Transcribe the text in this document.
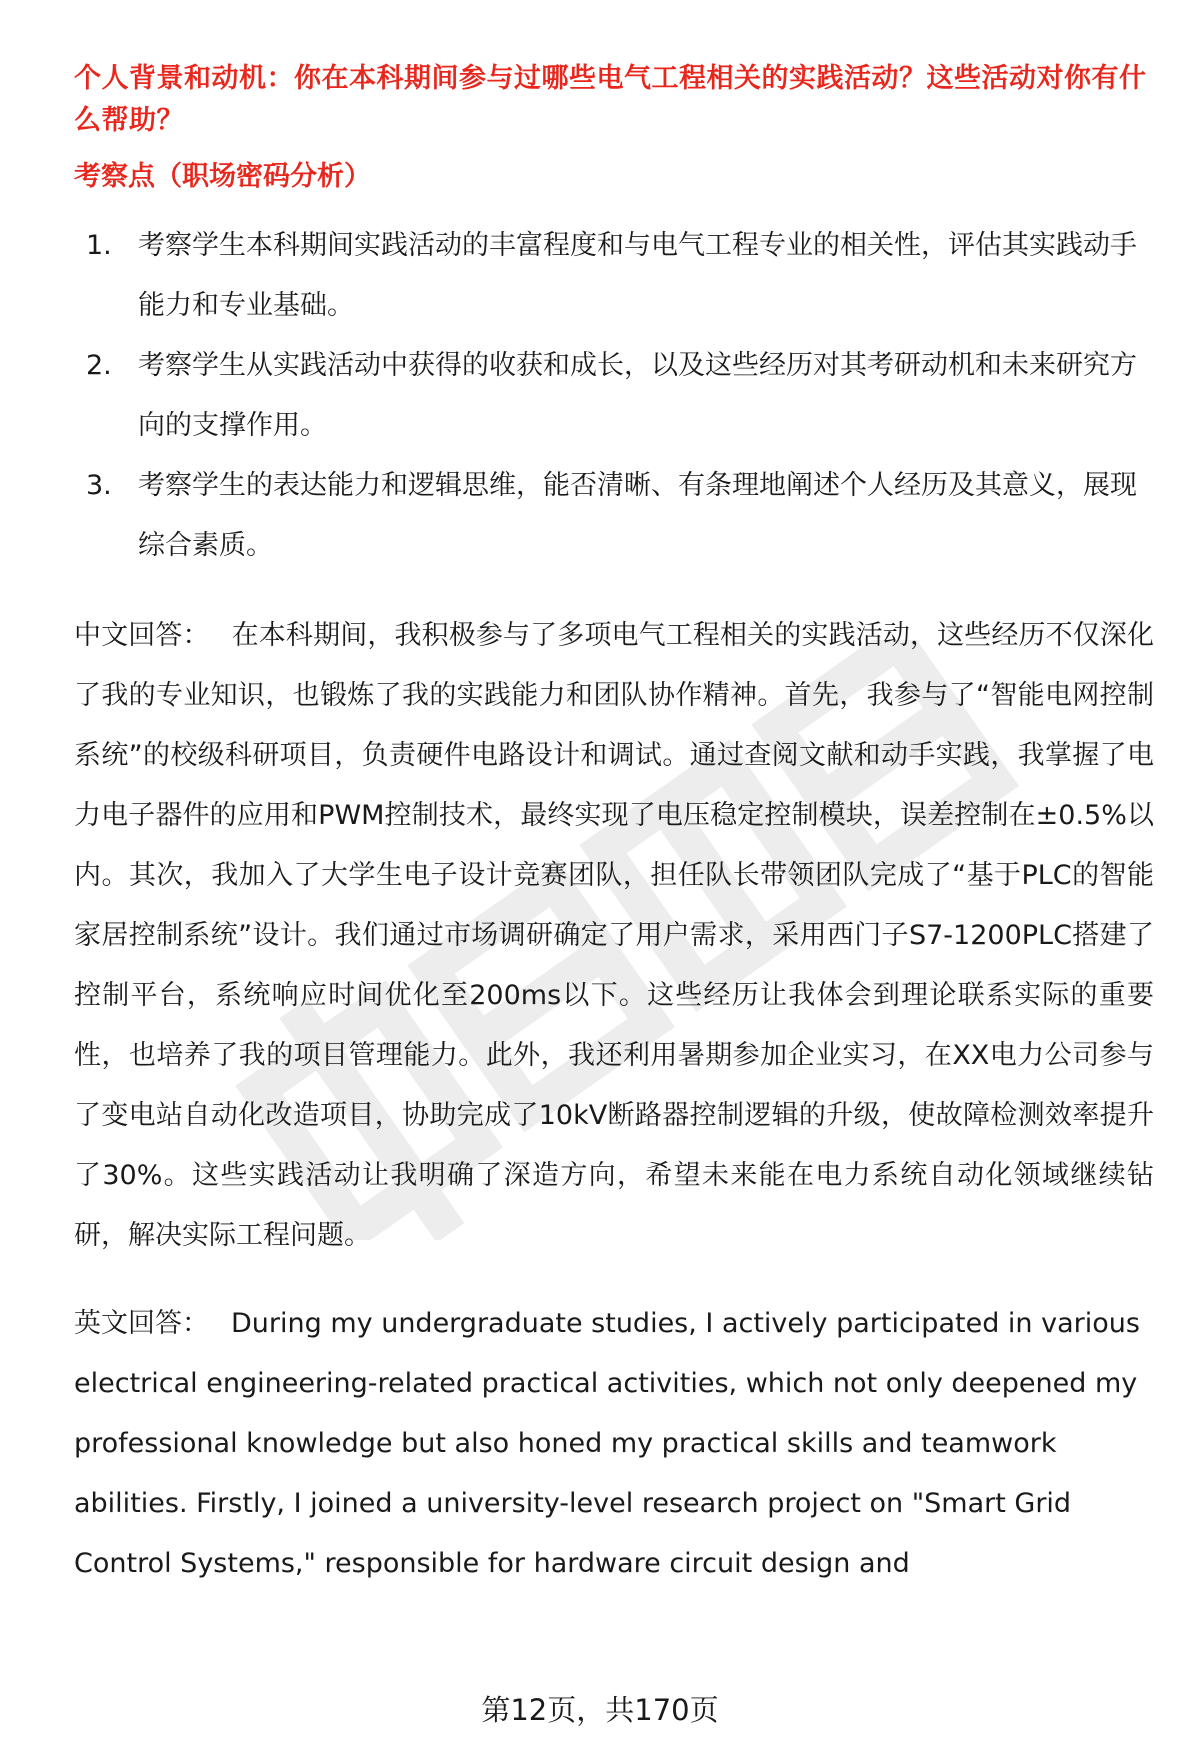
个人背景和动机：你在本科期间参与过哪些电气工程相关的实践活动？这些活动对你有什么帮助？
考察点（职场密码分析）
1. 考察学生本科期间实践活动的丰富程度和与电气工程专业的相关性，评估其实践动手能力和专业基础。
2. 考察学生从实践活动中获得的收获和成长，以及这些经历对其考研动机和未来研究方向的支撑作用。
3. 考察学生的表达能力和逻辑思维，能否清晰、有条理地阐述个人经历及其意义，展现综合素质。

中文回答： 在本科期间，我积极参与了多项电气工程相关的实践活动，这些经历不仅深化了我的专业知识，也锻炼了我的实践能力和团队协作精神。首先，我参与了“智能电网控制系统”的校级科研项目，负责硬件电路设计和调试。通过查阅文献和动手实践，我掌握了电力电子器件的应用和PWM控制技术，最终实现了电压稳定控制模块，误差控制在±0.5%以内。其次，我加入了大学生电子设计竞赛团队，担任队长带领团队完成了“基于PLC的智能家居控制系统”设计。我们通过市场调研确定了用户需求，采用西门子S7-1200PLC搭建了控制平台，系统响应时间优化至200ms以下。这些经历让我体会到理论联系实际的重要性，也培养了我的项目管理能力。此外，我还利用暑期参加企业实习，在XX电力公司参与了变电站自动化改造项目，协助完成了10kV断路器控制逻辑的升级，使故障检测效率提升了30%。这些实践活动让我明确了深造方向，希望未来能在电力系统自动化领域继续钻研，解决实际工程问题。

英文回答： During my undergraduate studies, I actively participated in various electrical engineering-related practical activities, which not only deepened my professional knowledge but also honed my practical skills and teamwork abilities. Firstly, I joined a university-level research project on "Smart Grid Control Systems," responsible for hardware circuit design and

第12页，共170页
